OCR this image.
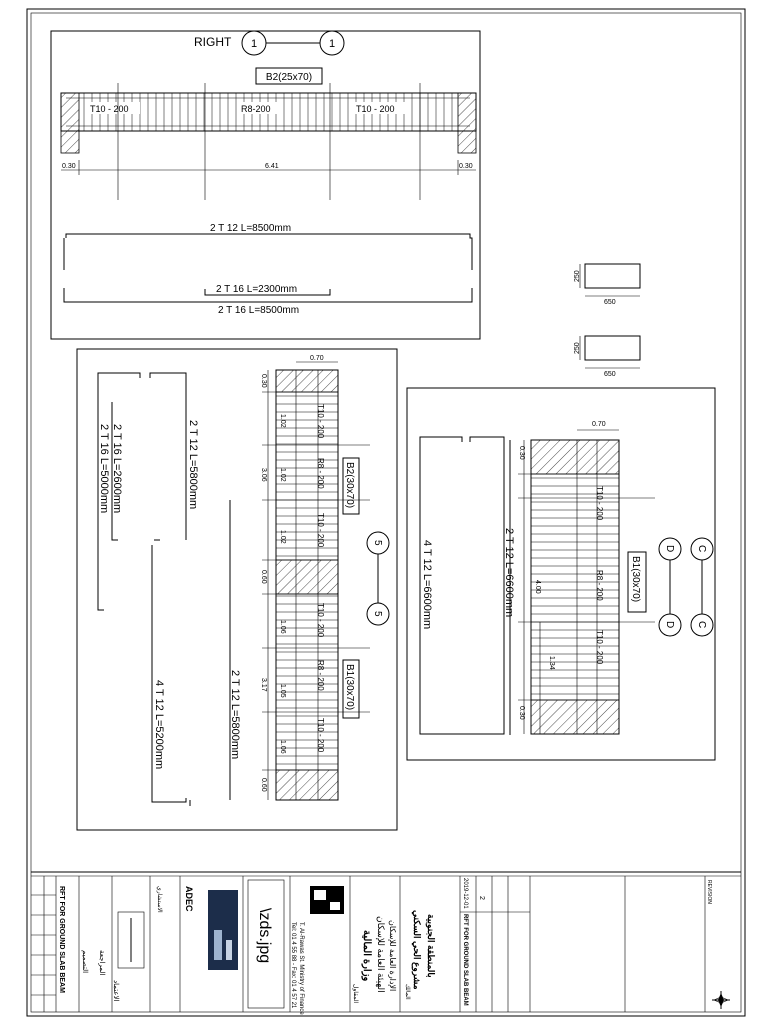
RIGHT 1	1
B2(25x70)
T10 - 200	R8-200	T10 - 200
0.30	6.41	0.30
2 T 12 L=8500mm
2 T 16 L=2300mm
2 T 16 L=8500mm
250
650
250
650
2 T 12 L=5800mm
2 T 16 L=2600mm
2 T 16 L=5000mm
4 T 12 L=5200mm	2 T 12 L=5800mm
0.70
B2(30x70)
B1(30x70)
5
5
T10 - 200
R8 - 200
T10 - 200
T10 - 200
R8 - 200
T10 - 200
0.30
3.06
1.02
1.02
1.02
0.60
1.06
3.17 1.05
1.06
0.60
4 T 12 L=6600mm	2 T 12 L=6600mm
0.70
B1(30x70)
C
D
C
D
T10 - 200
R8 - 200
T10 - 200
0.30
4.00
1.34
0.30
RFT FOR GROUND SLAB BEAM التصميم المراجعة
الاعتماد
ADEC
الاستشاري
\zds.jpg	T. Al-Rawas St. Ministry of Finance
Tel: 01 4 55 88 - Fax: 01 4 57 21	وزارة المالية الهيئة العامة للإسكان الإدارة العامة للإسكان مشروع الحي السكني بالمنطقة الجنوبية
المالك
المقاول	RFT FOR GROUND SLAB BEAM
2019-12-01 2	REVISION
